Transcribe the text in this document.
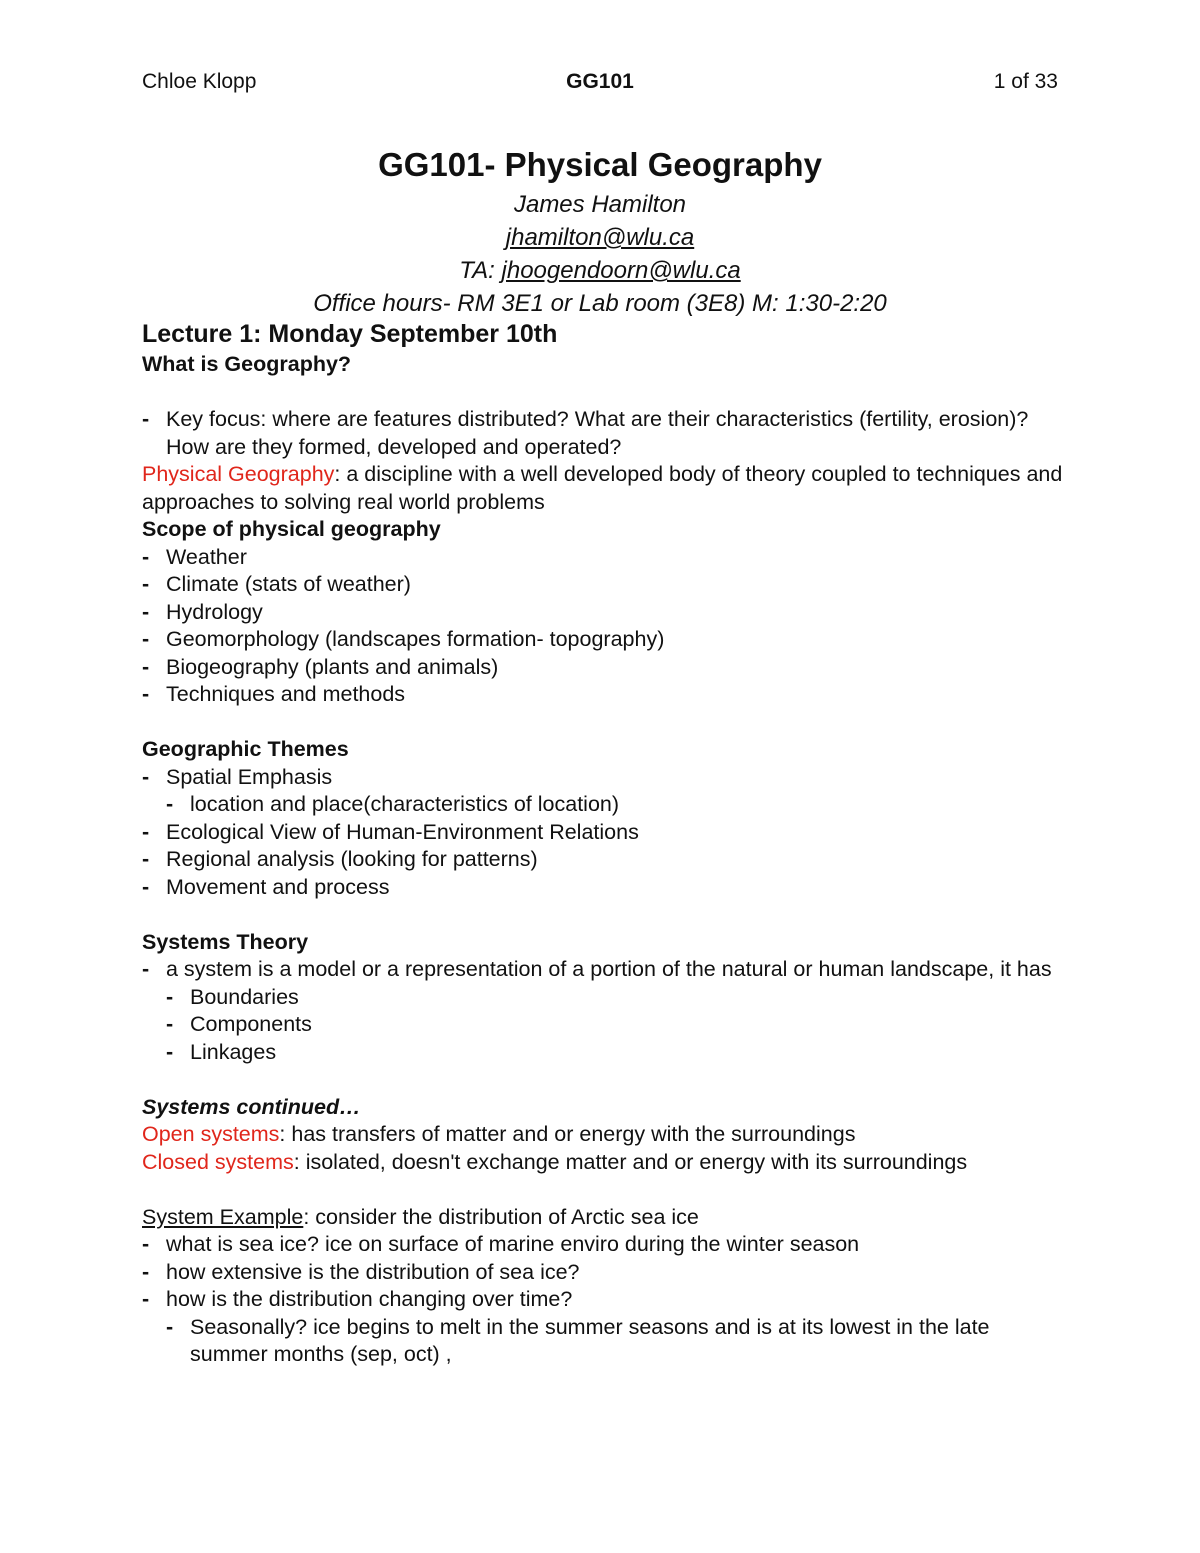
Chloe Klopp	GG101	1 of 33
GG101- Physical Geography
James Hamilton
jhamilton@wlu.ca
TA: jhoogendoorn@wlu.ca
Office hours- RM 3E1 or Lab room (3E8) M: 1:30-2:20
Lecture 1: Monday September 10th
What is Geography?
- Key focus: where are features distributed? What are their characteristics (fertility, erosion)? How are they formed, developed and operated?
Physical Geography: a discipline with a well developed body of theory coupled to techniques and approaches to solving real world problems
Scope of physical geography
- Weather
- Climate (stats of weather)
- Hydrology
- Geomorphology (landscapes formation- topography)
- Biogeography (plants and animals)
- Techniques and methods
Geographic Themes
- Spatial Emphasis
- location and place(characteristics of location)
- Ecological View of Human-Environment Relations
- Regional analysis (looking for patterns)
- Movement and process
Systems Theory
- a system is a model or a representation of a portion of the natural or human landscape, it has
- Boundaries
- Components
- Linkages
Systems continued…
Open systems: has transfers of matter and or energy with the surroundings
Closed systems: isolated, doesn't exchange matter and or energy with its surroundings
System Example: consider the distribution of Arctic sea ice
- what is sea ice? ice on surface of marine enviro during the winter season
- how extensive is the distribution of sea ice?
- how is the distribution changing over time?
- Seasonally? ice begins to melt in the summer seasons and is at its lowest in the late summer months (sep, oct) ,
